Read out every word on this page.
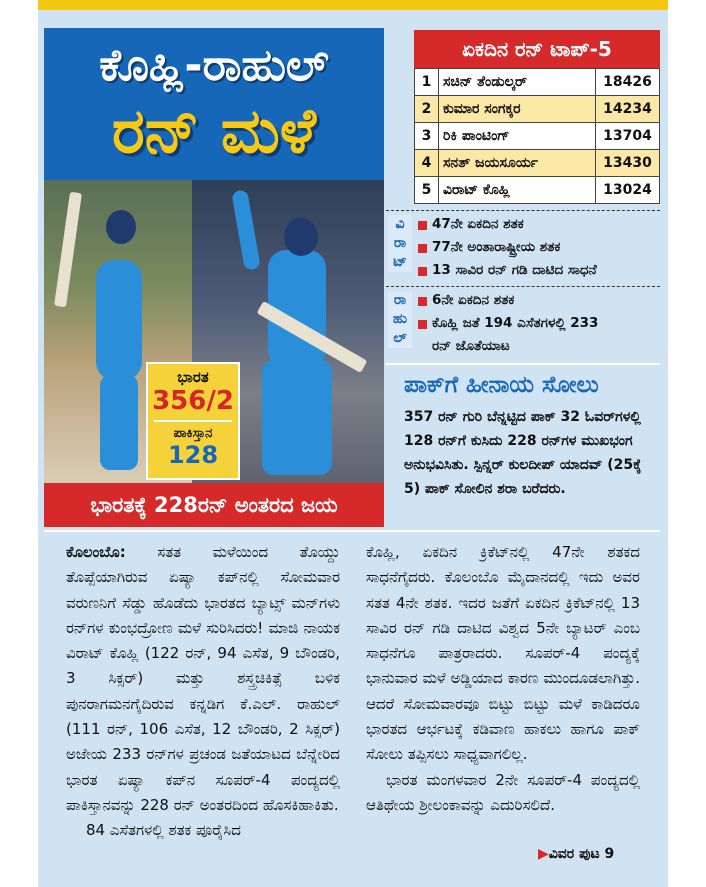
ಕೊಹ್ಲಿ-ರಾಹುಲ್
ರನ್ ಮಳೆ
ಭಾರತ
356/2
ಪಾಕಿಸ್ತಾನ
128
ಭಾರತಕ್ಕೆ 228ರನ್ ಅಂತರದ ಜಯ
ಏಕದಿನ ರನ್ ಟಾಪ್-5
1	ಸಚಿನ್ ತೆಂಡುಲ್ಕರ್	18426
2	ಕುಮಾರ ಸಂಗಕ್ಕರ	14234
3	ರಿಕಿ ಪಾಂಟಿಂಗ್	13704
4	ಸನತ್ ಜಯಸೂರ್ಯ	13430
5	ವಿರಾಟ್ ಕೊಹ್ಲಿ	13024
ವಿ
ರಾ
ಟ್
47ನೇ ಏಕದಿನ ಶತಕ
77ನೇ ಅಂತಾರಾಷ್ಟ್ರೀಯ ಶತಕ
13 ಸಾವಿರ ರನ್ ಗಡಿ ದಾಟಿದ ಸಾಧನೆ
ರಾ
ಹು
ಲ್
6ನೇ ಏಕದಿನ ಶತಕ
ಕೊಹ್ಲಿ ಜತೆ 194 ಎಸೆತಗಳಲ್ಲಿ 233
ರನ್ ಜೊತೆಯಾಟ
ಪಾಕ್‌ಗೆ ಹೀನಾಯ ಸೋಲು
357 ರನ್ ಗುರಿ ಬೆನ್ನಟ್ಟಿದ ಪಾಕ್ 32 ಓವರ್‌ಗಳಲ್ಲಿ 128 ರನ್‌ಗೆ ಕುಸಿದು 228 ರನ್‌ಗಳ ಮುಖಭಂಗ ಅನುಭವಿಸಿತು. ಸ್ಪಿನ್ನರ್ ಕುಲದೀಪ್ ಯಾದವ್ (25ಕ್ಕೆ 5) ಪಾಕ್ ಸೋಲಿನ ಶರಾ ಬರೆದರು.

ಕೊಲಂಬೊ: ಸತತ ಮಳೆಯಿಂದ ತೊಯ್ದು ತೊಪ್ಪೆಯಾಗಿರುವ ಏಷ್ಯಾ ಕಪ್‌ನಲ್ಲಿ ಸೋಮವಾರ ವರುಣನಿಗೆ ಸೆಡ್ಡು ಹೊಡೆದು ಭಾರತದ ಬ್ಯಾಟ್ಸ್ ಮನ್‌ಗಳು ರನ್‌ಗಳ ಕುಂಭದ್ರೋಣ ಮಳೆ ಸುರಿಸಿದರು! ಮಾಜಿ ನಾಯಕ ವಿರಾಟ್ ಕೊಹ್ಲಿ (122 ರನ್, 94 ಎಸೆತ, 9 ಬೌಂಡರಿ, 3 ಸಿಕ್ಸರ್) ಮತ್ತು ಶಸ್ತ್ರಚಿಕಿತ್ಸೆ ಬಳಿಕ ಪುನರಾಗಮನಗೈದಿರುವ ಕನ್ನಡಿಗ ಕೆ.ಎಲ್. ರಾಹುಲ್ (111 ರನ್, 106 ಎಸೆತ, 12 ಬೌಂಡರಿ, 2 ಸಿಕ್ಸರ್) ಅಜೇಯ 233 ರನ್‌ಗಳ ಪ್ರಚಂಡ ಜತೆಯಾಟದ ಬೆನ್ನೇರಿದ ಭಾರತ ಏಷ್ಯಾ ಕಪ್‌ನ ಸೂಪರ್-4 ಪಂದ್ಯದಲ್ಲಿ ಪಾಕಿಸ್ತಾನವನ್ನು 228 ರನ್ ಅಂತರದಿಂದ ಹೊಸಕಿಹಾಕಿತು.

84 ಎಸೆತಗಳಲ್ಲಿ ಶತಕ ಪೂರೈಸಿದ

ಕೊಹ್ಲಿ, ಏಕದಿನ ಕ್ರಿಕೆಟ್‌ನಲ್ಲಿ 47ನೇ ಶತಕದ ಸಾಧನೆಗೈದರು. ಕೊಲಂಬೊ ಮೈದಾನದಲ್ಲಿ ಇದು ಅವರ ಸತತ 4ನೇ ಶತಕ. ಇದರ ಜತೆಗೆ ಏಕದಿನ ಕ್ರಿಕೆಟ್‌ನಲ್ಲಿ 13 ಸಾವಿರ ರನ್ ಗಡಿ ದಾಟಿದ ವಿಶ್ವದ 5ನೇ ಬ್ಯಾಟರ್ ಎಂಬ ಸಾಧನೆಗೂ ಪಾತ್ರರಾದರು. ಸೂಪರ್-4 ಪಂದ್ಯಕ್ಕೆ ಭಾನುವಾರ ಮಳೆ ಅಡ್ಡಿಯಾದ ಕಾರಣ ಮುಂದೂಡಲಾಗಿತ್ತು. ಆದರೆ ಸೋಮವಾರವೂ ಬಿಟ್ಟು ಬಿಟ್ಟು ಮಳೆ ಕಾಡಿದರೂ ಭಾರತದ ಆರ್ಭಟಕ್ಕೆ ಕಡಿವಾಣ ಹಾಕಲು ಹಾಗೂ ಪಾಕ್ ಸೋಲು ತಪ್ಪಿಸಲು ಸಾಧ್ಯವಾಗಲಿಲ್ಲ.

ಭಾರತ ಮಂಗಳವಾರ 2ನೇ ಸೂಪರ್-4 ಪಂದ್ಯದಲ್ಲಿ ಆತಿಥೇಯ ಶ್ರೀಲಂಕಾವನ್ನು ಎದುರಿಸಲಿದೆ.

▶ವಿವರ ಪುಟ 9
